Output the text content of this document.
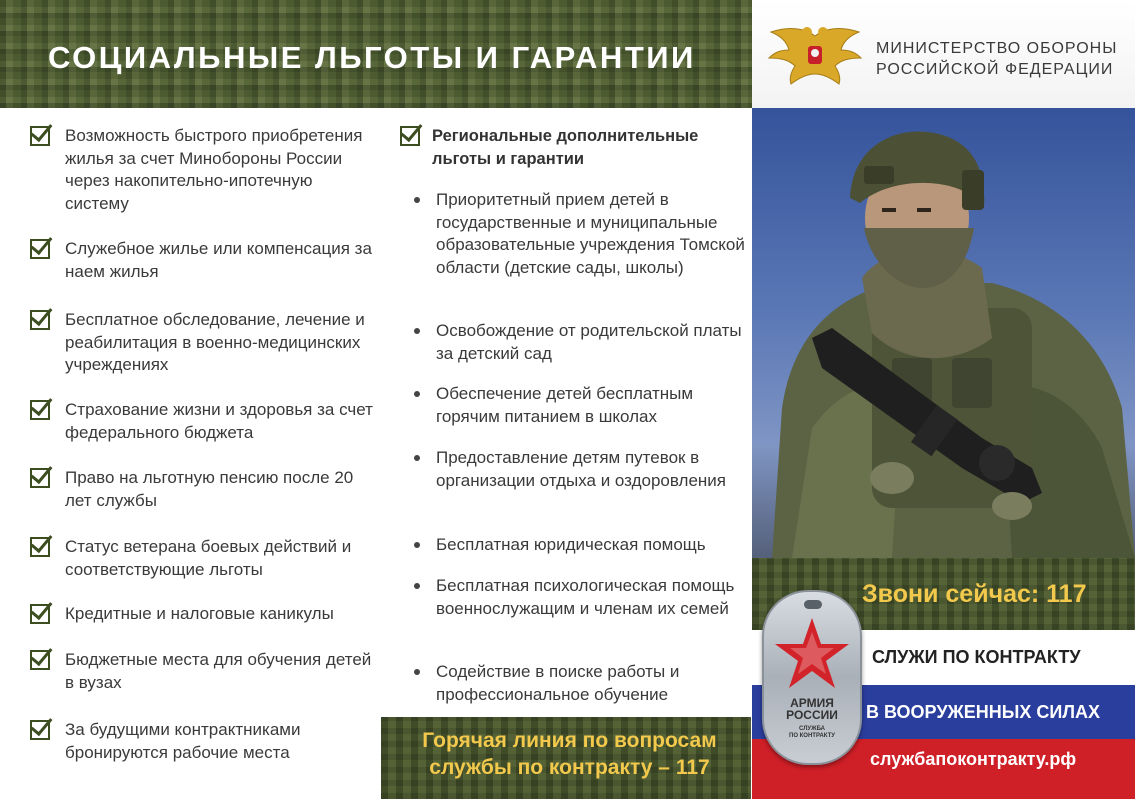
СОЦИАЛЬНЫЕ ЛЬГОТЫ И ГАРАНТИИ	МИНИСТЕРСТВО ОБОРОНЫ
РОССИЙСКОЙ ФЕДЕРАЦИИ
Возможность быстрого приобретения жилья за счет Минобороны России через накопительно-ипотечную систему
Служебное жилье или компенсация за наем жилья
Бесплатное обследование, лечение и реабилитация в военно-медицинских учреждениях
Страхование жизни и здоровья за счет федерального бюджета
Право на льготную пенсию после 20 лет службы
Статус ветерана боевых действий и соответствующие льготы
Кредитные и налоговые каникулы
Бюджетные места для обучения детей в вузах
За будущими контрактниками бронируются рабочие места
Региональные дополнительные льготы и гарантии
Приоритетный прием детей в государственные и муниципальные образовательные учреждения Томской области (детские сады, школы)
Освобождение от родительской платы за детский сад
Обеспечение детей бесплатным горячим питанием в школах
Предоставление детям путевок в организации отдыха и оздоровления
Бесплатная юридическая помощь
Бесплатная психологическая помощь военнослужащим и членам их семей
Содействие в поиске работы и профессиональное обучение
Горячая линия по вопросам службы по контракту – 117
Звони сейчас: 117
СЛУЖИ ПО КОНТРАКТУ
В ВООРУЖЕННЫХ СИЛАХ
службапоконтракту.рф
АРМИЯ
РОССИИ
СЛУЖБА
ПО КОНТРАКТУ
